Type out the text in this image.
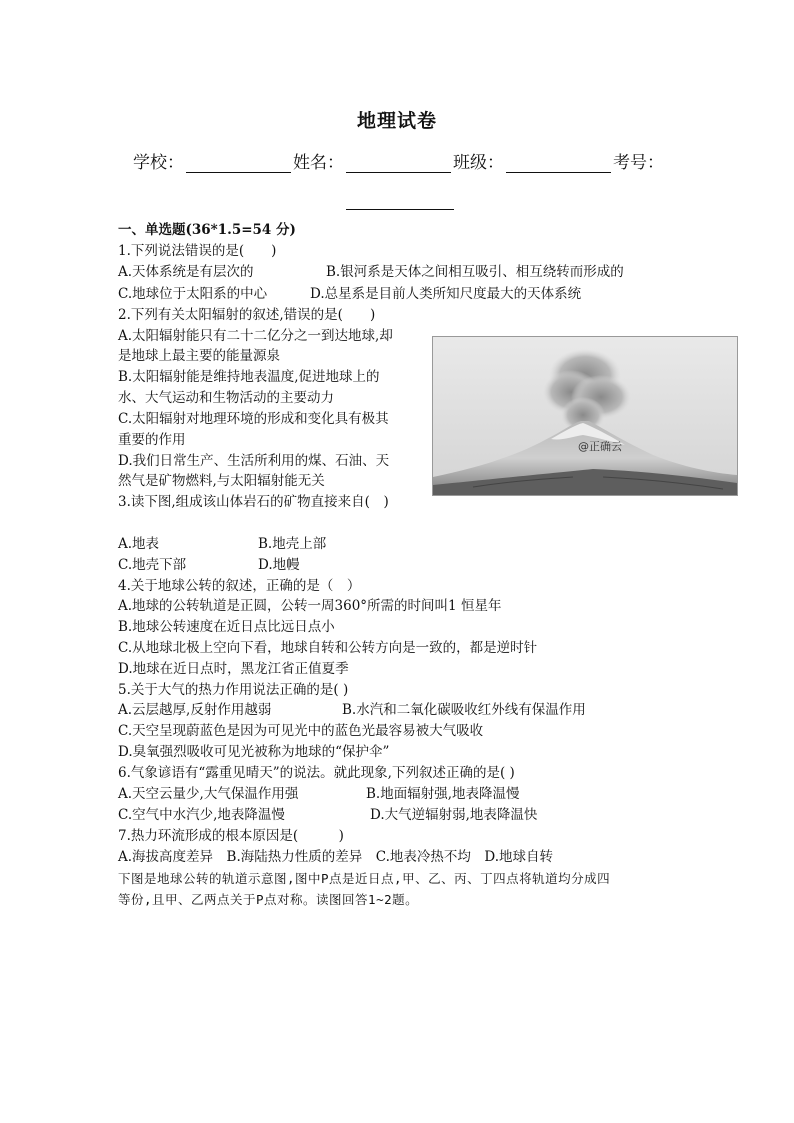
地理试卷
学校：	姓名：	班级：	考号：
一、单选题(36*1.5=54 分)
1.下列说法错误的是(　　)
A.天体系统是有层次的	B.银河系是天体之间相互吸引、相互绕转而形成的
C.地球位于太阳系的中心	D.总星系是目前人类所知尺度最大的天体系统
2.下列有关太阳辐射的叙述,错误的是(　　)
A.太阳辐射能只有二十二亿分之一到达地球,却
是地球上最主要的能量源泉
B.太阳辐射能是维持地表温度,促进地球上的
水、大气运动和生物活动的主要动力
C.太阳辐射对地理环境的形成和变化具有极其
重要的作用
D.我们日常生产、生活所利用的煤、石油、天
然气是矿物燃料,与太阳辐射能无关
@正确云
3.读下图,组成该山体岩石的矿物直接来自(　)
A.地表	B.地壳上部
C.地壳下部	D.地幔
4.关于地球公转的叙述，正确的是（　）
A.地球的公转轨道是正圆，公转一周360°所需的时间叫1 恒星年
B.地球公转速度在近日点比远日点小
C.从地球北极上空向下看，地球自转和公转方向是一致的，都是逆时针
D.地球在近日点时，黑龙江省正值夏季
5.关于大气的热力作用说法正确的是( )
A.云层越厚,反射作用越弱	B.水汽和二氧化碳吸收红外线有保温作用
C.天空呈现蔚蓝色是因为可见光中的蓝色光最容易被大气吸收
D.臭氧强烈吸收可见光被称为地球的“保护伞”
6.气象谚语有“露重见晴天”的说法。就此现象,下列叙述正确的是( )
A.天空云量少,大气保温作用强	B.地面辐射强,地表降温慢
C.空气中水汽少,地表降温慢	D.大气逆辐射弱,地表降温快
7.热力环流形成的根本原因是(　　　)
A.海拔高度差异　B.海陆热力性质的差异　C.地表冷热不均　D.地球自转
下图是地球公转的轨道示意图,图中P点是近日点,甲、乙、丙、丁四点将轨道均分成四
等份,且甲、乙两点关于P点对称。读图回答1~2题。
